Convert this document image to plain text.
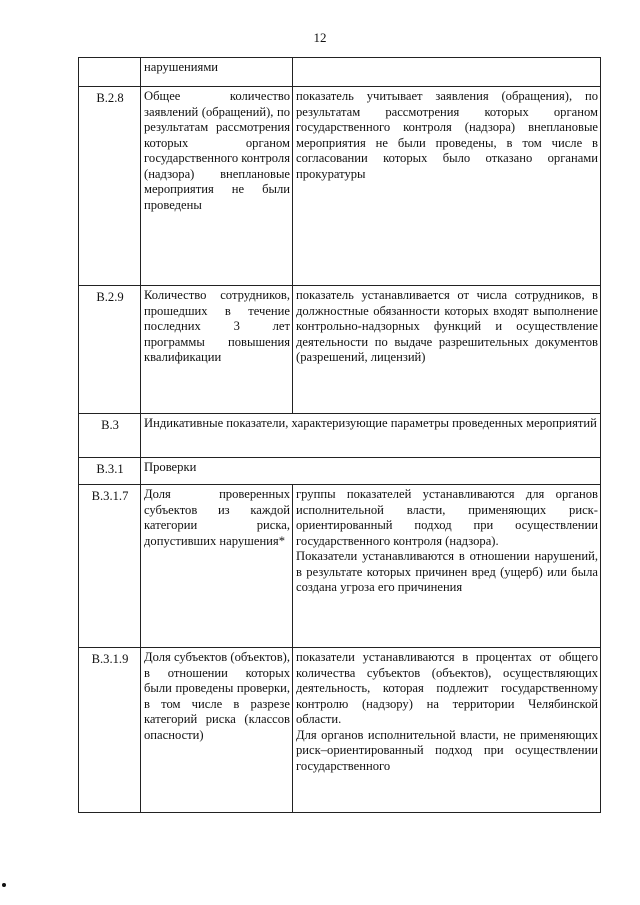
12
	нарушениями	
В.2.8	Общее количество заявлений (обращений), по результатам рассмотрения которых органом государственного контроля (надзора) внеплановые мероприятия не были проведены	показатель учитывает заявления (обращения), по результатам рассмотрения которых органом государственного контроля (надзора) внеплановые мероприятия не были проведены, в том числе в согласовании которых было отказано органами прокуратуры

В.2.9	Количество сотрудников, прошедших в течение последних 3 лет программы повышения квалификации	показатель устанавливается от числа сотрудников, в должностные обязанности которых входят выполнение контрольно-надзорных функций и осуществление деятельности по выдаче разрешительных документов (разрешений, лицензий)

В.3	Индикативные показатели, характеризующие параметры проведенных мероприятий	
В.3.1	Проверки	
В.3.1.7	Доля проверенных субъектов из каждой категории риска, допустивших нарушения*	группы показателей устанавливаются для органов исполнительной власти, применяющих риск-ориентированный подход при осуществлении государственного контроля (надзора).
Показатели устанавливаются в отношении нарушений, в результате которых причинен вред (ущерб) или была создана угроза его причинения

В.3.1.9	Доля субъектов (объектов), в отношении которых были проведены проверки, в том числе в разрезе категорий риска (классов опасности)	показатели устанавливаются в процентах от общего количества субъектов (объектов), осуществляющих деятельность, которая подлежит государственному контролю (надзору) на территории Челябинской области.
Для органов исполнительной власти, не применяющих риск–ориентированный подход при осуществлении государственного
